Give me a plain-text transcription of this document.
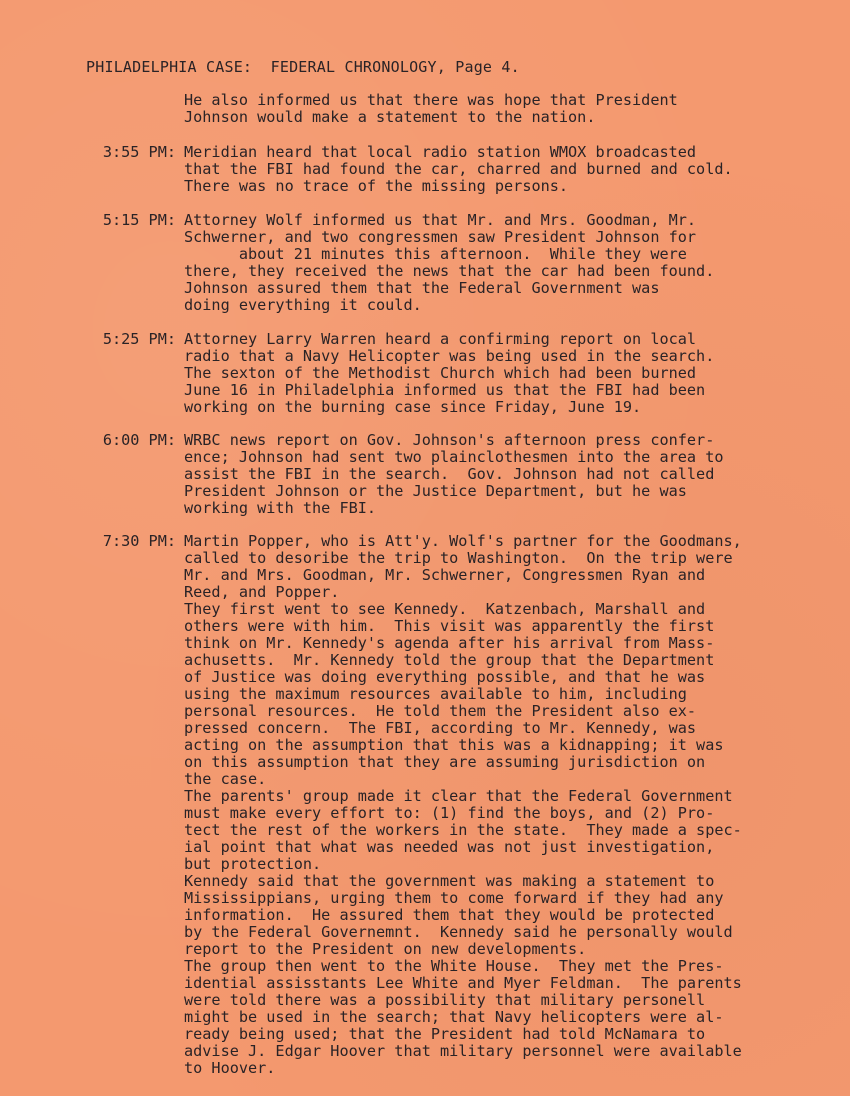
PHILADELPHIA CASE:  FEDERAL CHRONOLOGY, Page 4.
He also informed us that there was hope that President
Johnson would make a statement to the nation.
3:55 PM: Meridian heard that local radio station WMOX broadcasted
that the FBI had found the car, charred and burned and cold.
There was no trace of the missing persons.
5:15 PM: Attorney Wolf informed us that Mr. and Mrs. Goodman, Mr.
Schwerner, and two congressmen saw President Johnson for
about 21 minutes this afternoon.  While they were
there, they received the news that the car had been found.
Johnson assured them that the Federal Government was
doing everything it could.
5:25 PM: Attorney Larry Warren heard a confirming report on local
radio that a Navy Helicopter was being used in the search.
The sexton of the Methodist Church which had been burned
June 16 in Philadelphia informed us that the FBI had been
working on the burning case since Friday, June 19.
6:00 PM: WRBC news report on Gov. Johnson's afternoon press confer-
ence; Johnson had sent two plainclothesmen into the area to
assist the FBI in the search.  Gov. Johnson had not called
President Johnson or the Justice Department, but he was
working with the FBI.
7:30 PM: Martin Popper, who is Att'y. Wolf's partner for the Goodmans,
called to desoribe the trip to Washington.  On the trip were
Mr. and Mrs. Goodman, Mr. Schwerner, Congressmen Ryan and
Reed, and Popper.
They first went to see Kennedy.  Katzenbach, Marshall and
others were with him.  This visit was apparently the first
think on Mr. Kennedy's agenda after his arrival from Mass-
achusetts.  Mr. Kennedy told the group that the Department
of Justice was doing everything possible, and that he was
using the maximum resources available to him, including
personal resources.  He told them the President also ex-
pressed concern.  The FBI, according to Mr. Kennedy, was
acting on the assumption that this was a kidnapping; it was
on this assumption that they are assuming jurisdiction on
the case.
The parents' group made it clear that the Federal Government
must make every effort to: (1) find the boys, and (2) Pro-
tect the rest of the workers in the state.  They made a spec-
ial point that what was needed was not just investigation,
but protection.
Kennedy said that the government was making a statement to
Mississippians, urging them to come forward if they had any
information.  He assured them that they would be protected
by the Federal Governemnt.  Kennedy said he personally would
report to the President on new developments.
The group then went to the White House.  They met the Pres-
idential assisstants Lee White and Myer Feldman.  The parents
were told there was a possibility that military personell
might be used in the search; that Navy helicopters were al-
ready being used; that the President had told McNamara to
advise J. Edgar Hoover that military personnel were available
to Hoover.
